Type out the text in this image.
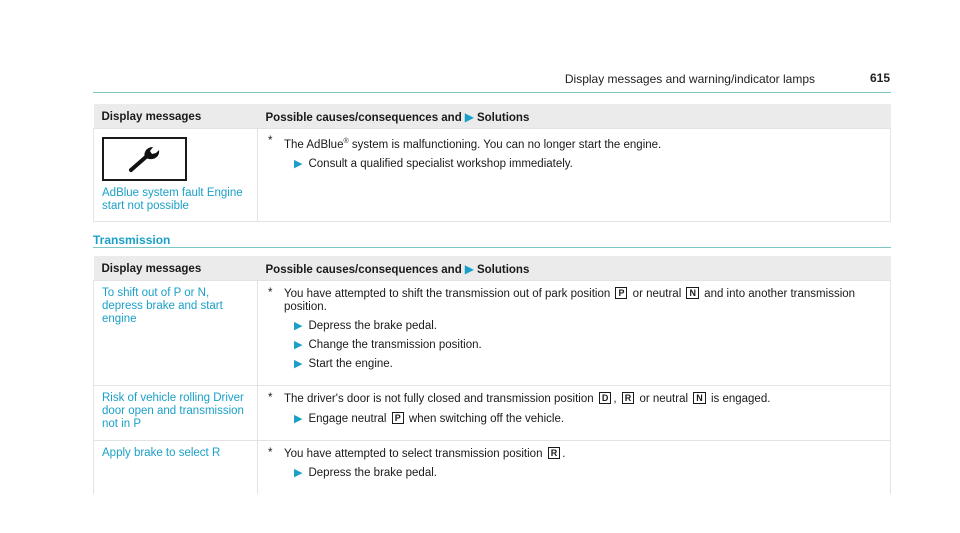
Display messages and warning/indicator lamps	615
Display messages	Possible causes/consequences and ▶ Solutions

AdBlue system fault Engine start not possible	* The AdBlue® system is malfunctioning. You can no longer start the engine.
▶ Consult a qualified specialist workshop immediately.
Transmission
Display messages	Possible causes/consequences and ▶ Solutions

To shift out of P or N, depress brake and start engine	* You have attempted to shift the transmission out of park position P or neutral N and into another transmission position.
▶ Depress the brake pedal.
▶ Change the transmission position.
▶ Start the engine.

Risk of vehicle rolling Driver door open and transmission not in P	* The driver's door is not fully closed and transmission position D , R or neutral N is engaged.
▶ Engage neutral P when switching off the vehicle.

Apply brake to select R	* You have attempted to select transmission position R .
▶ Depress the brake pedal.
